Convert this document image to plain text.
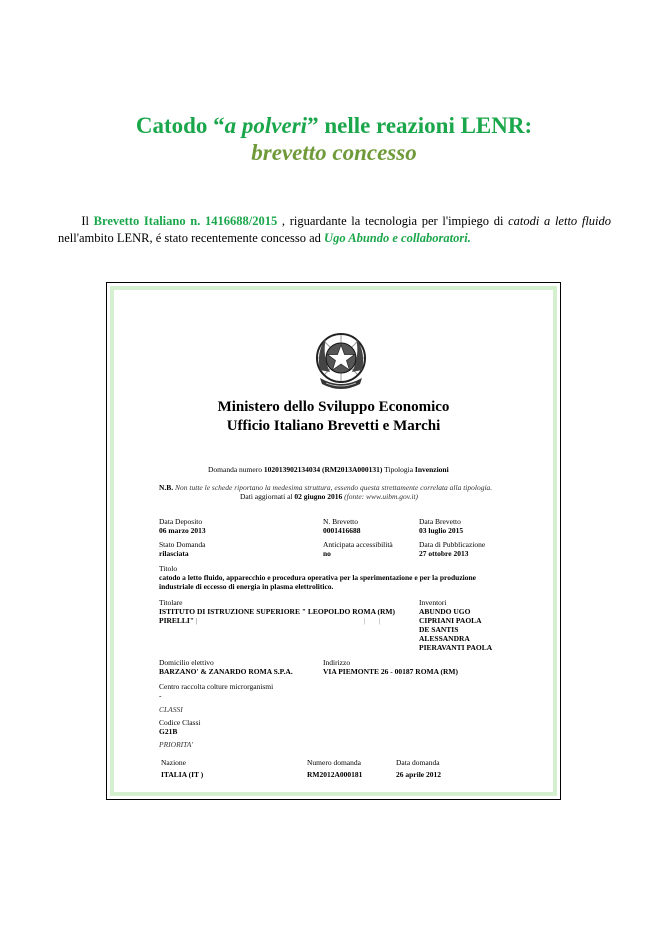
Catodo “a polveri” nelle reazioni LENR:
brevetto concesso
Il Brevetto Italiano n. 1416688/2015 , riguardante la tecnologia per l'impiego di catodi a letto fluido nell'ambito LENR, é stato recentemente concesso ad Ugo Abundo e collaboratori.
Ministero dello Sviluppo Economico
Ufficio Italiano Brevetti e Marchi
Domanda numero 102013902134034 (RM2013A000131) Tipologia Invenzioni
N.B. Non tutte le schede riportano la medesima struttura, essendo questa strettamente correlata alla tipologia.
Dati aggiornati al 02 giugno 2016 (fonte: www.uibm.gov.it)
Data Deposito
06 marzo 2013
N. Brevetto
0001416688
Data Brevetto
03 luglio 2015
Stato Domanda
rilasciata
Anticipata accessibilità
no
Data di Pubblicazione
27 ottobre 2013
Titolo
catodo a letto fluido, apparecchio e procedura operativa per la sperimentazione e per la produzione
industriale di eccesso di energia in plasma elettrolitico.
Titolare
ISTITUTO DI ISTRUZIONE SUPERIORE " LEOPOLDO ROMA (RM)
PIRELLI" |	| |
Inventori
ABUNDO UGO
CIPRIANI PAOLA
DE SANTIS
ALESSANDRA
PIERAVANTI PAOLA
Domicilio elettivo
BARZANO' & ZANARDO ROMA S.P.A.
Indirizzo
VIA PIEMONTE 26 - 00187 ROMA (RM)
Centro raccolta colture microrganismi
-
CLASSI
Codice Classi
G21B
PRIORITA'
Nazione
ITALIA (IT )
Numero domanda
RM2012A000181
Data domanda
26 aprile 2012
